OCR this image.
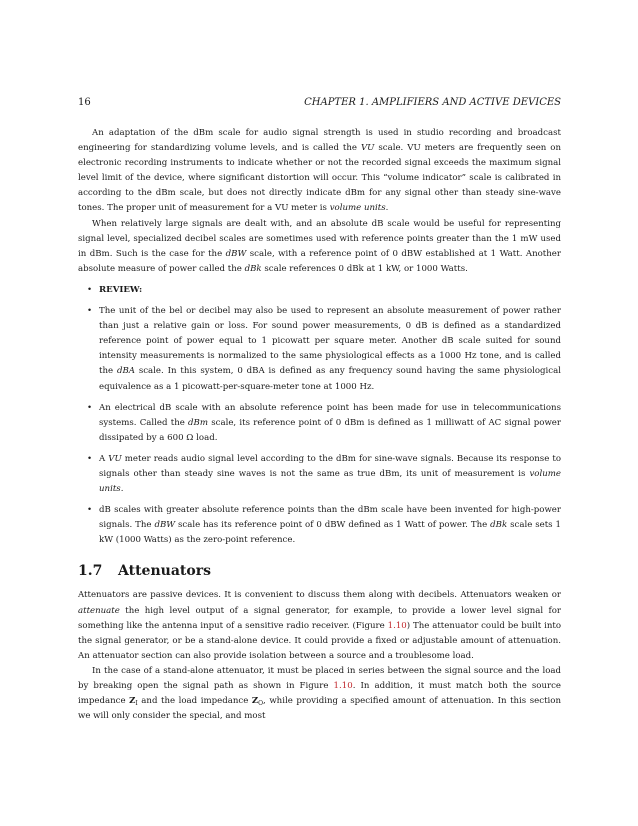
16	CHAPTER 1. AMPLIFIERS AND ACTIVE DEVICES

An adaptation of the dBm scale for audio signal strength is used in studio recording and broadcast engineering for standardizing volume levels, and is called the VU scale. VU meters are frequently seen on electronic recording instruments to indicate whether or not the recorded signal exceeds the maximum signal level limit of the device, where significant distortion will occur. This “volume indicator” scale is calibrated in according to the dBm scale, but does not directly indicate dBm for any signal other than steady sine-wave tones. The proper unit of measurement for a VU meter is volume units.

When relatively large signals are dealt with, and an absolute dB scale would be useful for representing signal level, specialized decibel scales are sometimes used with reference points greater than the 1 mW used in dBm. Such is the case for the dBW scale, with a reference point of 0 dBW established at 1 Watt. Another absolute measure of power called the dBk scale references 0 dBk at 1 kW, or 1000 Watts.

• REVIEW:
• The unit of the bel or decibel may also be used to represent an absolute measurement of power rather than just a relative gain or loss. For sound power measurements, 0 dB is defined as a standardized reference point of power equal to 1 picowatt per square meter. Another dB scale suited for sound intensity measurements is normalized to the same physiological effects as a 1000 Hz tone, and is called the dBA scale. In this system, 0 dBA is defined as any frequency sound having the same physiological equivalence as a 1 picowatt-per-square-meter tone at 1000 Hz.
• An electrical dB scale with an absolute reference point has been made for use in telecommunications systems. Called the dBm scale, its reference point of 0 dBm is defined as 1 milliwatt of AC signal power dissipated by a 600 Ω load.
• A VU meter reads audio signal level according to the dBm for sine-wave signals. Because its response to signals other than steady sine waves is not the same as true dBm, its unit of measurement is volume units.
• dB scales with greater absolute reference points than the dBm scale have been invented for high-power signals. The dBW scale has its reference point of 0 dBW defined as 1 Watt of power. The dBk scale sets 1 kW (1000 Watts) as the zero-point reference.
1.7 Attenuators

Attenuators are passive devices. It is convenient to discuss them along with decibels. Attenuators weaken or attenuate the high level output of a signal generator, for example, to provide a lower level signal for something like the antenna input of a sensitive radio receiver. (Figure 1.10) The attenuator could be built into the signal generator, or be a stand-alone device. It could provide a fixed or adjustable amount of attenuation. An attenuator section can also provide isolation between a source and a troublesome load.

In the case of a stand-alone attenuator, it must be placed in series between the signal source and the load by breaking open the signal path as shown in Figure 1.10. In addition, it must match both the source impedance $Z_I$ and the load impedance $Z_O$, while providing a specified amount of attenuation. In this section we will only consider the special, and most
